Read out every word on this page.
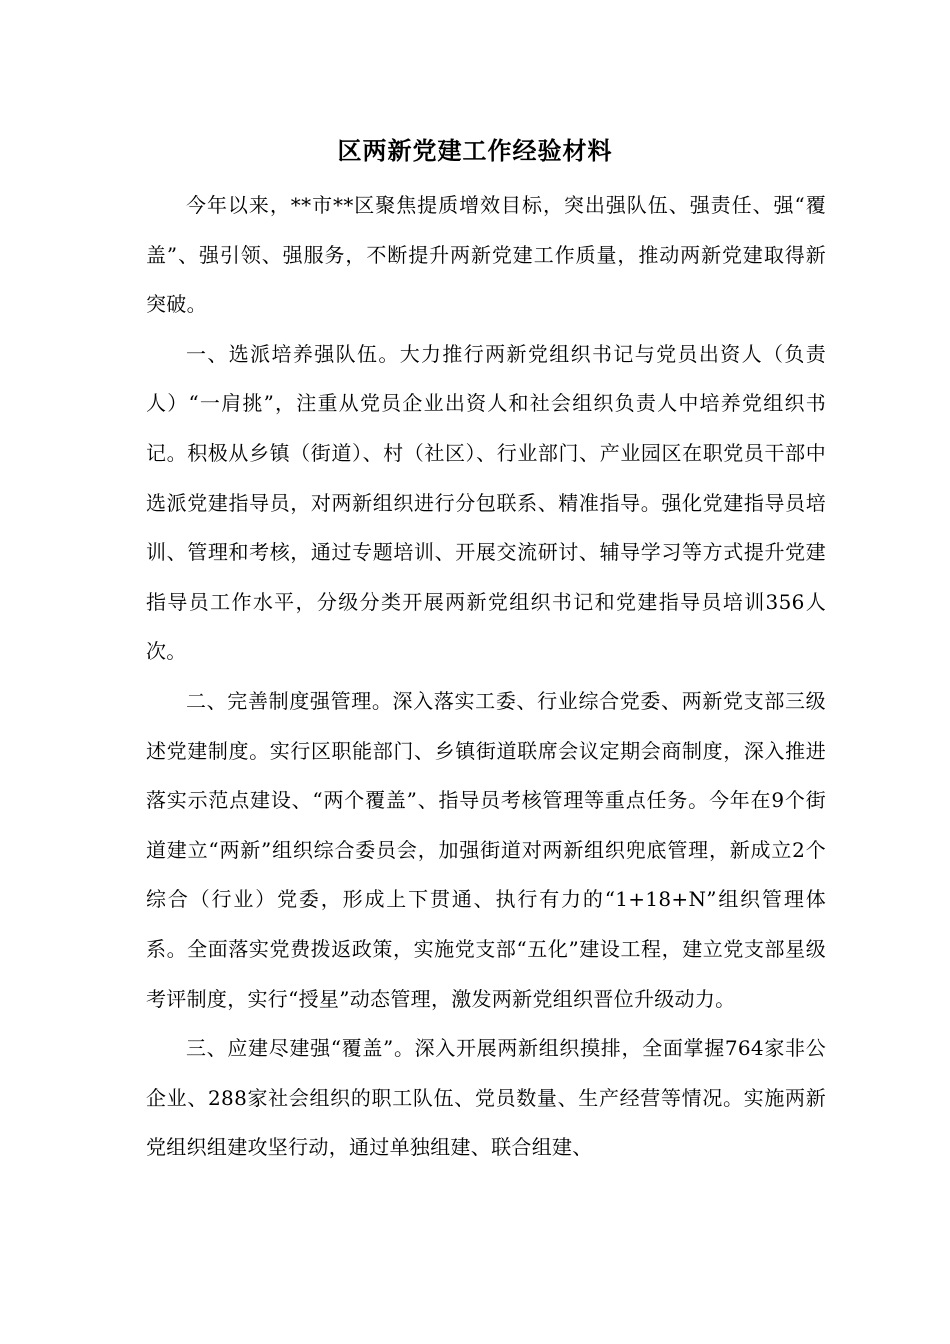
区两新党建工作经验材料

今年以来，**市**区聚焦提质增效目标，突出强队伍、强责任、强“覆盖”、强引领、强服务，不断提升两新党建工作质量，推动两新党建取得新突破。

一、选派培养强队伍。大力推行两新党组织书记与党员出资人（负责人）“一肩挑”，注重从党员企业出资人和社会组织负责人中培养党组织书记。积极从乡镇（街道）、村（社区）、行业部门、产业园区在职党员干部中选派党建指导员，对两新组织进行分包联系、精准指导。强化党建指导员培训、管理和考核，通过专题培训、开展交流研讨、辅导学习等方式提升党建指导员工作水平，分级分类开展两新党组织书记和党建指导员培训356人次。

二、完善制度强管理。深入落实工委、行业综合党委、两新党支部三级述党建制度。实行区职能部门、乡镇街道联席会议定期会商制度，深入推进落实示范点建设、“两个覆盖”、指导员考核管理等重点任务。今年在9个街道建立“两新”组织综合委员会，加强街道对两新组织兜底管理，新成立2个综合（行业）党委，形成上下贯通、执行有力的“1+18+N”组织管理体系。全面落实党费拨返政策，实施党支部“五化”建设工程，建立党支部星级考评制度，实行“授星”动态管理，激发两新党组织晋位升级动力。

三、应建尽建强“覆盖”。深入开展两新组织摸排，全面掌握764家非公企业、288家社会组织的职工队伍、党员数量、生产经营等情况。实施两新党组织组建攻坚行动，通过单独组建、联合组建、
